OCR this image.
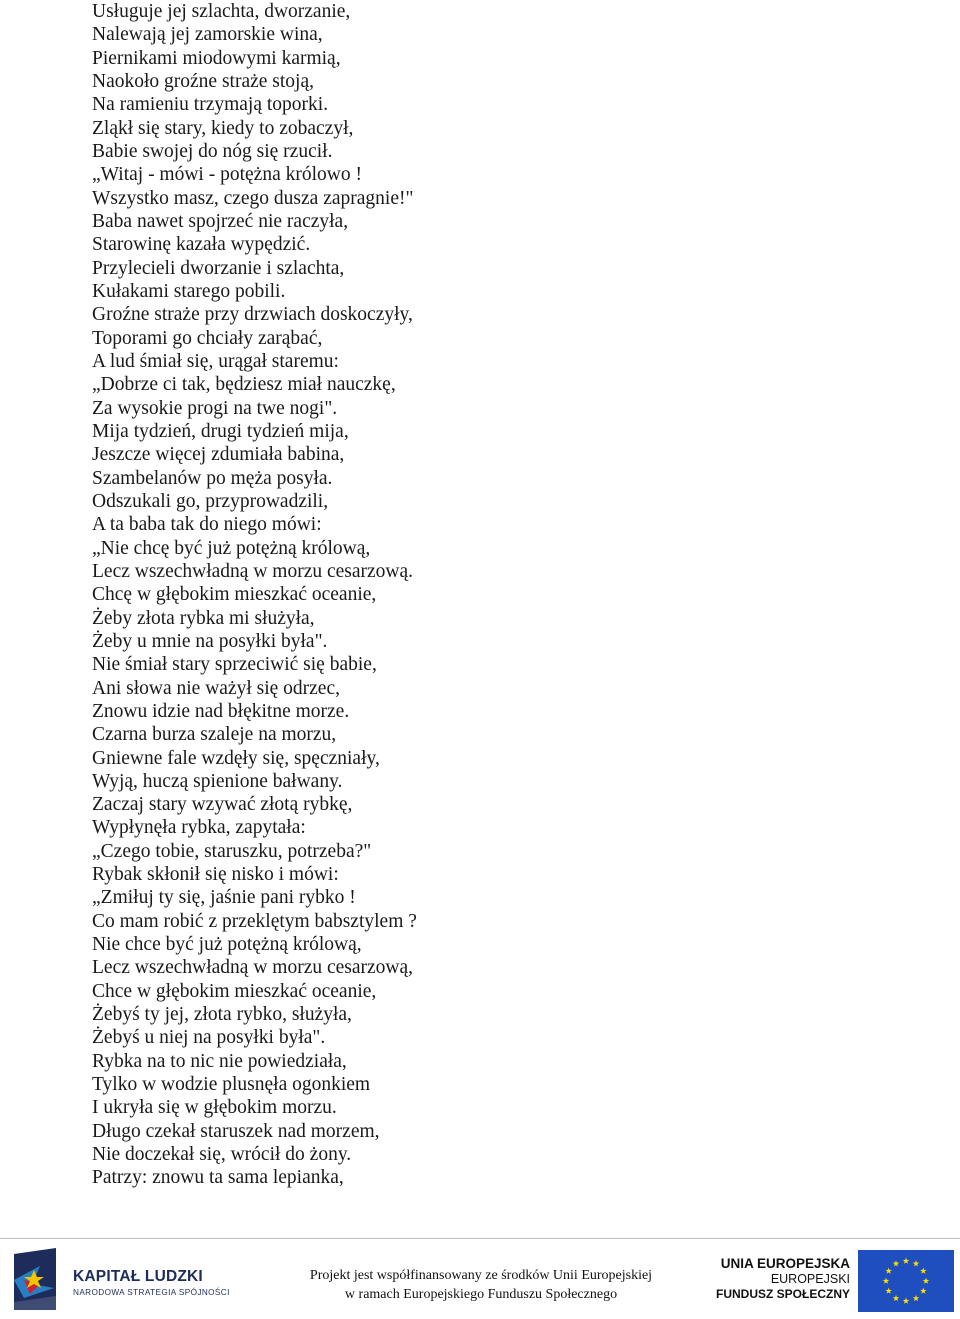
Usługuje jej szlachta, dworzanie,
Nalewają jej zamorskie wina,
Piernikami miodowymi karmią,
Naokoło groźne straże stoją,
Na ramieniu trzymają toporki.
Zląkł się stary, kiedy to zobaczył,
Babie swojej do nóg się rzucił.
„Witaj - mówi - potężna królowo !
Wszystko masz, czego dusza zapragnie!"
Baba nawet spojrzeć nie raczyła,
Starowinę kazała wypędzić.
Przylecieli dworzanie i szlachta,
Kułakami starego pobili.
Groźne straże przy drzwiach doskoczyły,
Toporami go chciały zarąbać,
A lud śmiał się, urągał staremu:
„Dobrze ci tak, będziesz miał nauczkę,
Za wysokie progi na twe nogi".
Mija tydzień, drugi tydzień mija,
Jeszcze więcej zdumiała babina,
Szambelanów po męża posyła.
Odszukali go, przyprowadzili,
A ta baba tak do niego mówi:
„Nie chcę być już potężną królową,
Lecz wszechwładną w morzu cesarzową.
Chcę w głębokim mieszkać oceanie,
Żeby złota rybka mi służyła,
Żeby u mnie na posyłki była".
Nie śmiał stary sprzeciwić się babie,
Ani słowa nie ważył się odrzec,
Znowu idzie nad błękitne morze.
Czarna burza szaleje na morzu,
Gniewne fale wzdęły się, spęczniały,
Wyją, huczą spienione bałwany.
Zaczaj stary wzywać złotą rybkę,
Wypłynęła rybka, zapytała:
„Czego tobie, staruszku, potrzeba?"
Rybak skłonił się nisko i mówi:
„Zmiłuj ty się, jaśnie pani rybko !
Co mam robić z przeklętym babsztylem ?
Nie chce być już potężną królową,
Lecz wszechwładną w morzu cesarzową,
Chce w głębokim mieszkać oceanie,
Żebyś ty jej, złota rybko, służyła,
Żebyś u niej na posyłki była".
Rybka na to nic nie powiedziała,
Tylko w wodzie plusnęła ogonkiem
I ukryła się w głębokim morzu.
Długo czekał staruszek nad morzem,
Nie doczekał się, wrócił do żony.
Patrzy: znowu ta sama lepianka,
KAPITAŁ LUDZKI
NARODOWA STRATEGIA SPÓJNOŚCI
Projekt jest współfinansowany ze środków Unii Europejskiej
w ramach Europejskiego Funduszu Społecznego
UNIA EUROPEJSKA
EUROPEJSKI
FUNDUSZ SPOŁECZNY
